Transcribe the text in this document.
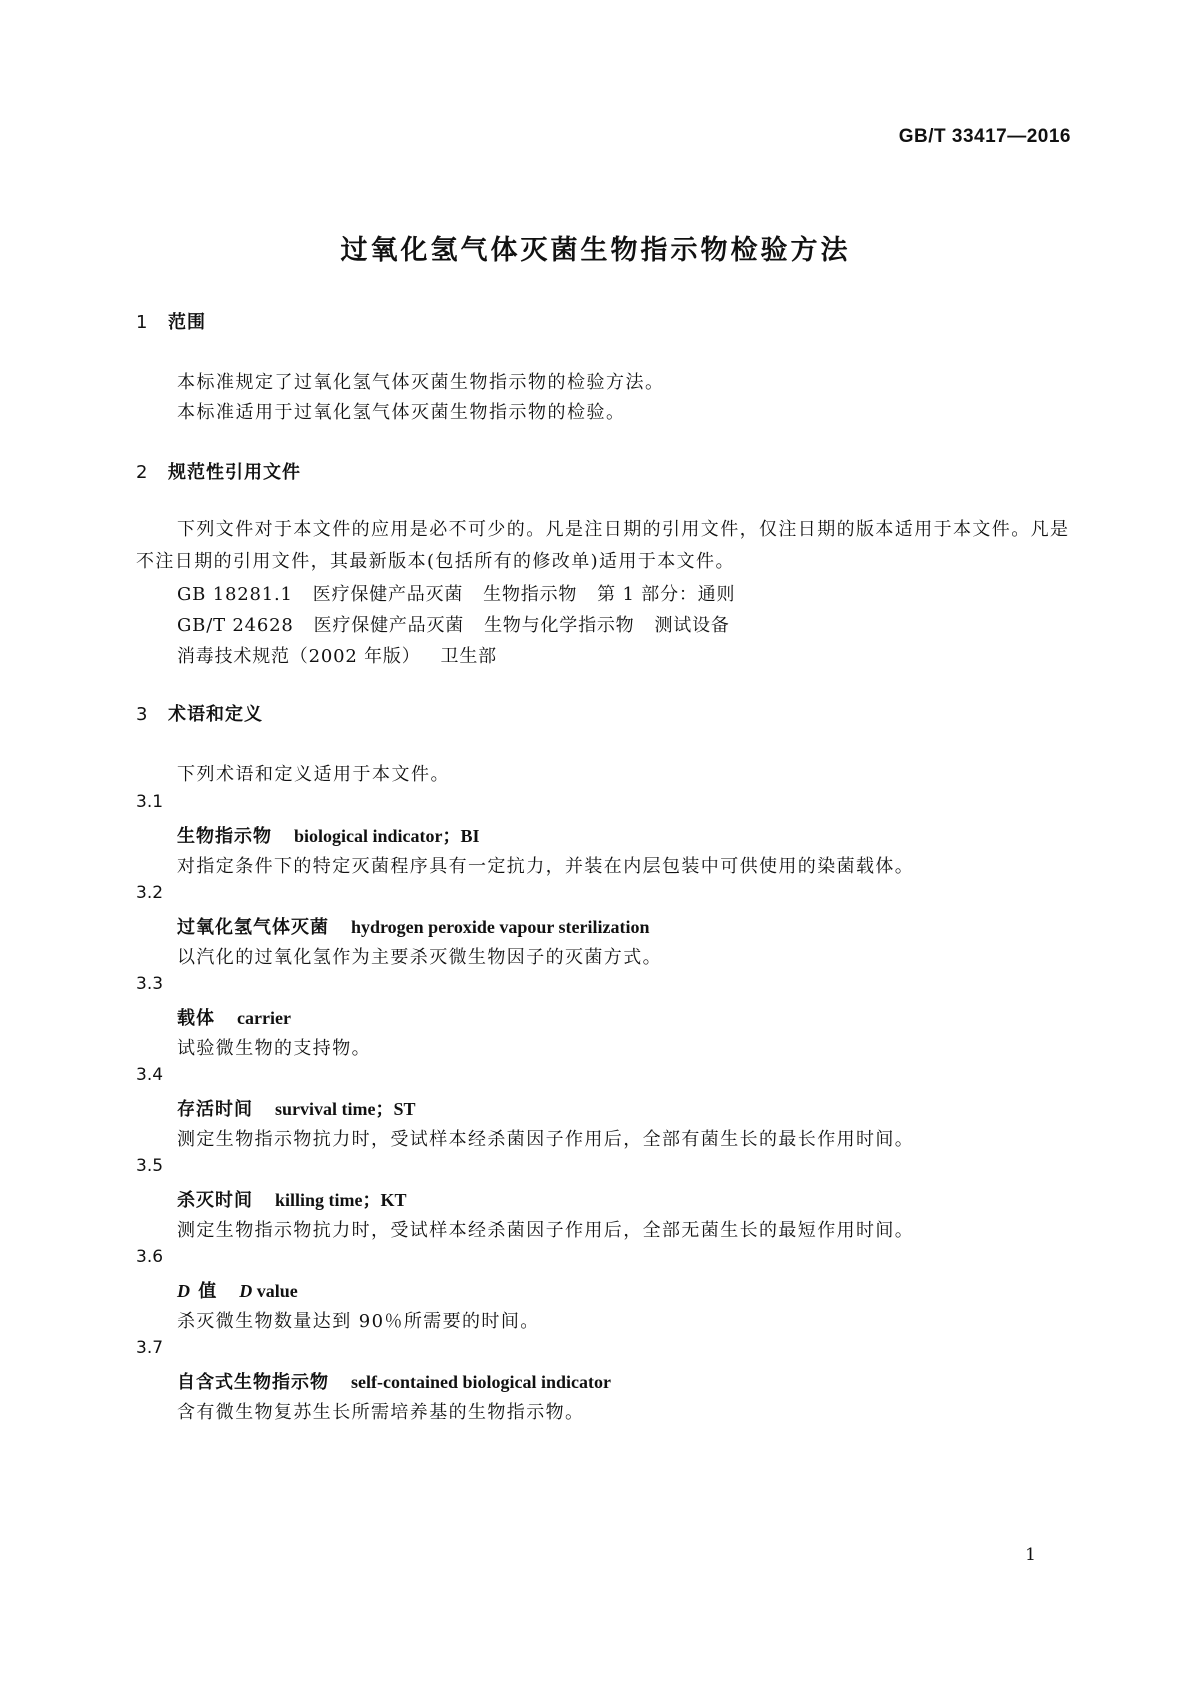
GB/T 33417—2016
过氧化氢气体灭菌生物指示物检验方法
1 范围
本标准规定了过氧化氢气体灭菌生物指示物的检验方法。
本标准适用于过氧化氢气体灭菌生物指示物的检验。
2 规范性引用文件
下列文件对于本文件的应用是必不可少的。凡是注日期的引用文件，仅注日期的版本适用于本文件。凡是不注日期的引用文件，其最新版本(包括所有的修改单)适用于本文件。
GB 18281.1 医疗保健产品灭菌 生物指示物 第 1 部分：通则
GB/T 24628 医疗保健产品灭菌 生物与化学指示物 测试设备
消毒技术规范（2002 年版） 卫生部
3 术语和定义
下列术语和定义适用于本文件。
3.1
生物指示物 biological indicator；BI
对指定条件下的特定灭菌程序具有一定抗力，并装在内层包装中可供使用的染菌载体。
3.2
过氧化氢气体灭菌 hydrogen peroxide vapour sterilization
以汽化的过氧化氢作为主要杀灭微生物因子的灭菌方式。
3.3
载体 carrier
试验微生物的支持物。
3.4
存活时间 survival time；ST
测定生物指示物抗力时，受试样本经杀菌因子作用后，全部有菌生长的最长作用时间。
3.5
杀灭时间 killing time；KT
测定生物指示物抗力时，受试样本经杀菌因子作用后，全部无菌生长的最短作用时间。
3.6
D 值 D value
杀灭微生物数量达到 90％所需要的时间。
3.7
自含式生物指示物 self-contained biological indicator
含有微生物复苏生长所需培养基的生物指示物。
1
